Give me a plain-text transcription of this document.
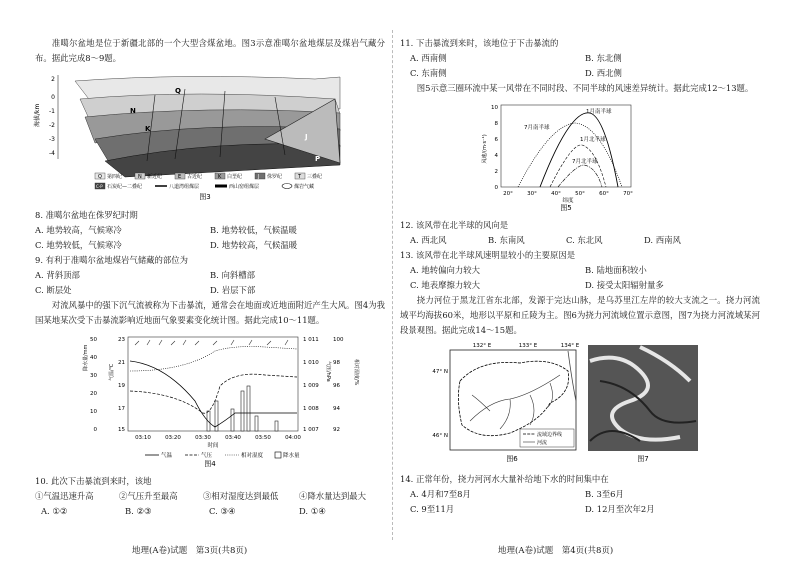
准噶尔盆地是位于新疆北部的一个大型含煤盆地。图3示意准噶尔盆地煤层及煤岩气藏分布。据此完成8～9题。
海拔/km
2
0
-1
-2
-3
-4
Q
N
K
J
P
Q 第四纪	N 新近纪	E 古近纪	K 白垩纪	J 侏罗纪	T 三叠纪
C-P 石炭纪—二叠纪	八道湾组煤层	西山窑组煤层	煤岩气藏
图3
8. 准噶尔盆地在侏罗纪时期
A. 地势较高，气候寒冷	B. 地势较低，气候温暖
C. 地势较低，气候寒冷	D. 地势较高，气候温暖
9. 有利于准噶尔盆地煤岩气储藏的部位为
A. 背斜顶部	B. 向斜槽部
C. 断层处	D. 岩层下部
对流风暴中的强下沉气流被称为下击暴流，通常会在地面或近地面附近产生大风。图4为我国某地某次受下击暴流影响近地面气象要素变化统计图。据此完成10～11题。
降水量/mm
50
40
30
20
10
0
气温/℃
23
21
19
17
15
1 011
1 010
1 009
1 008
1 007
气压/hPa
100
98
96
94
92
相对湿度/%
03:10	03:20	03:30	03:40	03:50	04:00
时间
气温	气压	相对湿度	降水量
图4
10. 此次下击暴流到来时，该地
①气温迅速升高	②气压升至最高	③相对湿度达到最低	④降水量达到最大
A. ①②	B. ②③	C. ③④	D. ①④
11. 下击暴流到来时，该地位于下击暴流的
A. 西南侧	B. 东北侧
C. 东南侧	D. 西北侧
图5示意三圈环流中某一风带在不同时段、不同半球的风速差异统计。据此完成12～13题。
风速/(m·s⁻¹)
10
8
6
4
2
0
20°	30°	40°	50°	60°	70°
纬度
1月南半球
7月南半球
1月北半球
7月北半球
图5
12. 该风带在北半球的风向是
A. 西北风	B. 东南风	C. 东北风	D. 西南风
13. 该风带在北半球风速明显较小的主要原因是
A. 地转偏向力较大	B. 陆地面积较小
C. 地表摩擦力较大	D. 接受太阳辐射量多
挠力河位于黑龙江省东北部，发源于完达山脉，是乌苏里江左岸的较大支流之一。挠力河流域平均海拔60米，地形以平原和丘陵为主。图6为挠力河流域位置示意图，图7为挠力河流域某河段景观图。据此完成14～15题。
132° E	133° E	134° E
47° N
46° N	流域边界线
河流
图6	图7
14. 正常年份，挠力河河水大量补给地下水的时间集中在
A. 4月和7至8月	B. 3至6月
C. 9至11月	D. 12月至次年2月
地理(A卷)试题　第3页(共8页)	地理(A卷)试题　第4页(共8页)
